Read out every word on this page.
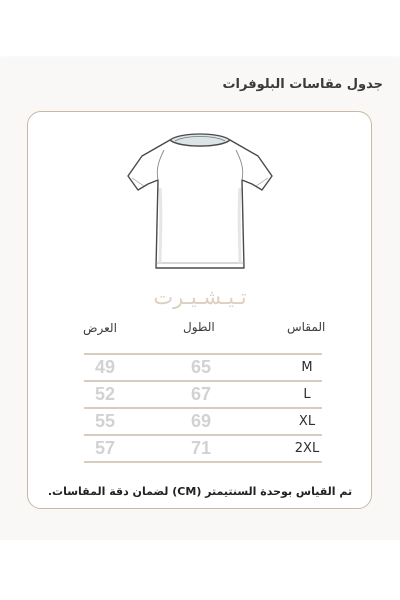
جدول مقاسات البلوفرات
تـيـشـيـرت
العرض	الطول	المقاس
49	65	M
52	67	L
55	69	XL
57	71	2XL
تم القياس بوحدة السنتيمتر (CM) لضمان دقة المقاسات.
